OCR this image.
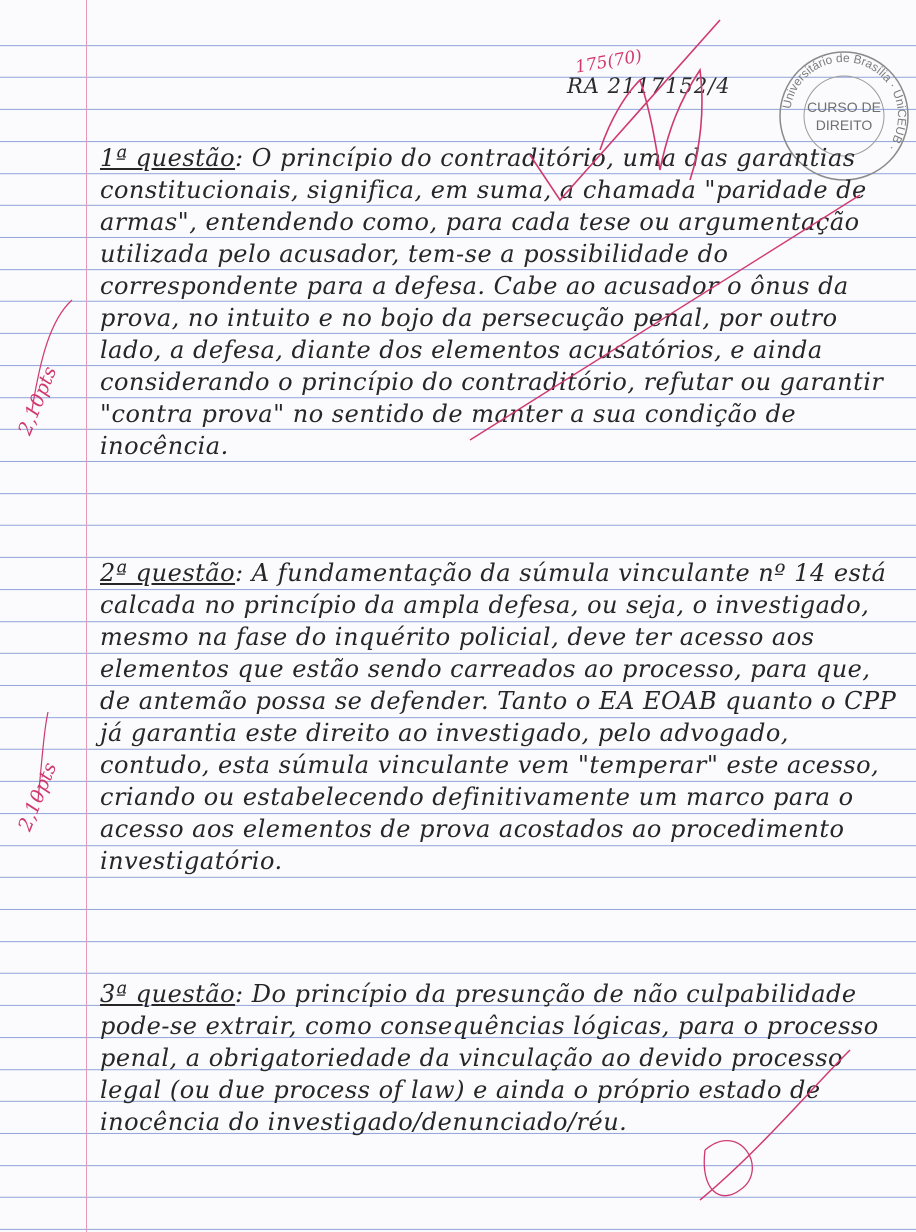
175(70)
RA 2117152/4
Universitário de Brasília · UniCEUB ·
CURSO DE
DIREITO
1ª questão: O princípio do contraditório, uma das garantias constitucionais, significa, em suma, a chamada "paridade de armas", entendendo como, para cada tese ou argumentação utilizada pelo acusador, tem-se a possibilidade do correspondente para a defesa. Cabe ao acusador o ônus da prova, no intuito e no bojo da persecução penal, por outro lado, a defesa, diante dos elementos acusatórios, e ainda considerando o princípio do contraditório, refutar ou garantir "contra prova" no sentido de manter a sua condição de inocência.
2ª questão: A fundamentação da súmula vinculante nº 14 está calcada no princípio da ampla defesa, ou seja, o investigado, mesmo na fase do inquérito policial, deve ter acesso aos elementos que estão sendo carreados ao processo, para que, de antemão possa se defender. Tanto o EA EOAB quanto o CPP já garantia este direito ao investigado, pelo advogado, contudo, esta súmula vinculante vem "temperar" este acesso, criando ou estabelecendo definitivamente um marco para o acesso aos elementos de prova acostados ao procedimento investigatório.
3ª questão: Do princípio da presunção de não culpabilidade pode-se extrair, como consequências lógicas, para o processo penal, a obrigatoriedade da vinculação ao devido processo legal (ou due process of law) e ainda o próprio estado de inocência do investigado/denunciado/réu.
2,10pts
2,10pts
